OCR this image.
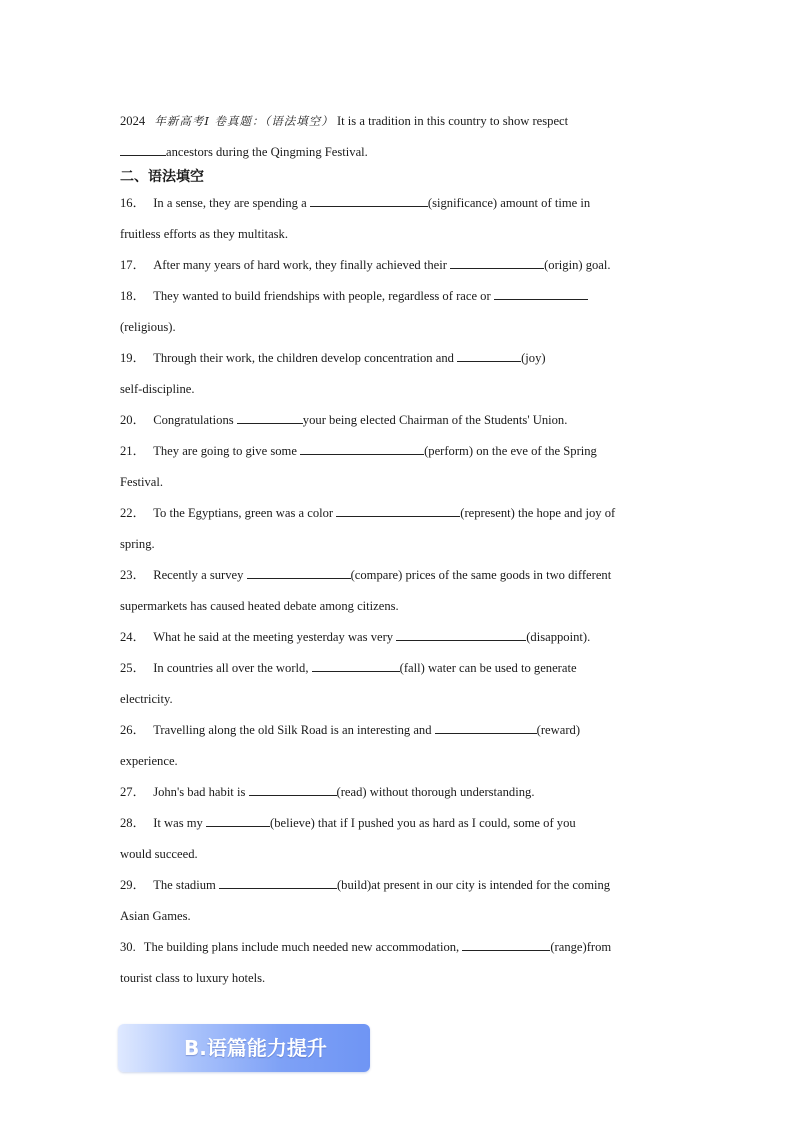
2024 年新高考Ⅰ 卷真题：（语法填空） It is a tradition in this country to show respect
ancestors during the Qingming Festival.
二、语法填空
16． In a sense, they are spending a	(significance) amount of time in
fruitless efforts as they multitask.
17． After many years of hard work, they finally achieved their	(origin) goal.
18． They wanted to build friendships with people, regardless of race or
(religious).
19． Through their work, the children develop concentration and	(joy)
self-discipline.
20． Congratulations	your being elected Chairman of the Students' Union.
21． They are going to give some	(perform) on the eve of the Spring
Festival.
22． To the Egyptians, green was a color	(represent) the hope and joy of
spring.
23． Recently a survey	(compare) prices of the same goods in two different
supermarkets has caused heated debate among citizens.
24． What he said at the meeting yesterday was very	(disappoint).
25． In countries all over the world,	(fall) water can be used to generate
electricity.
26． Travelling along the old Silk Road is an interesting and	(reward)
experience.
27． John's bad habit is	(read) without thorough understanding.
28． It was my	(believe) that if I pushed you as hard as I could, some of you
would succeed.
29． The stadium	(build)at present in our city is intended for the coming
Asian Games.
30. The building plans include much needed new accommodation,	(range)from
tourist class to luxury hotels.
B.语篇能力提升
